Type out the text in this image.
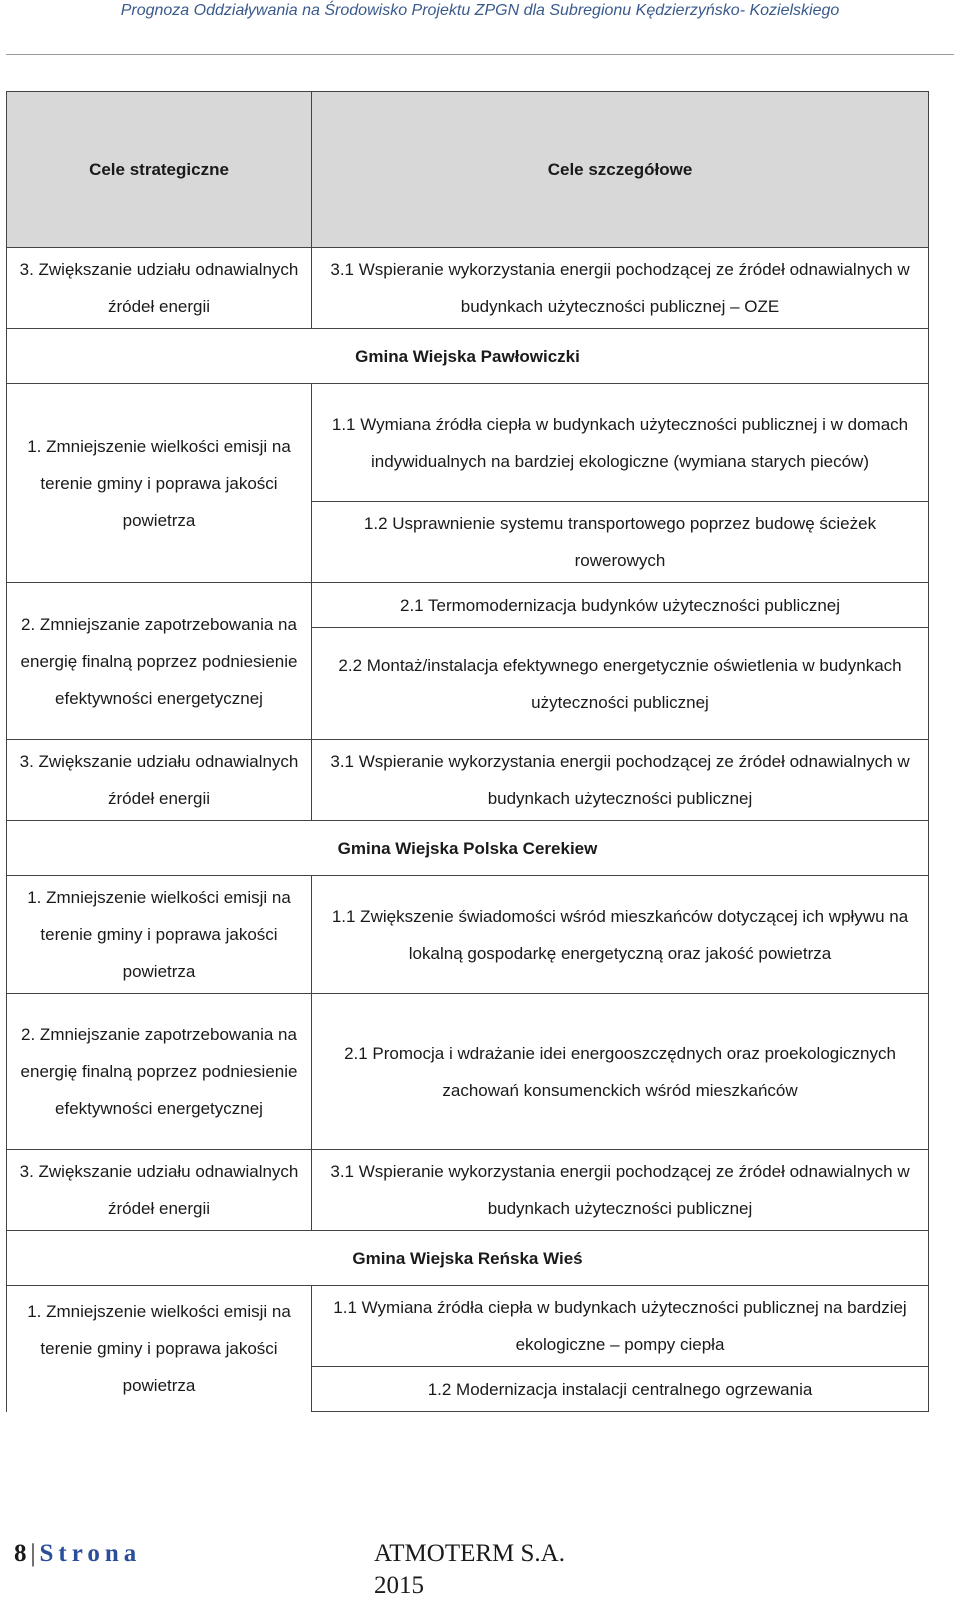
Prognoza Oddziaływania na Środowisko Projektu ZPGN dla Subregionu Kędzierzyńsko- Kozielskiego
Cele strategiczne	Cele szczegółowe
3. Zwiększanie udziału odnawialnych źródeł energii	3.1 Wspieranie wykorzystania energii pochodzącej ze źródeł odnawialnych w budynkach użyteczności publicznej – OZE
Gmina Wiejska Pawłowiczki	
1. Zmniejszenie wielkości emisji na terenie gminy i poprawa jakości powietrza	1.1 Wymiana źródła ciepła w budynkach użyteczności publicznej i w domach indywidualnych na bardziej ekologiczne (wymiana starych pieców)
	1.2 Usprawnienie systemu transportowego poprzez budowę ścieżek rowerowych
2. Zmniejszanie zapotrzebowania na energię finalną poprzez podniesienie efektywności energetycznej	2.1 Termomodernizacja budynków użyteczności publicznej
	2.2 Montaż/instalacja efektywnego energetycznie oświetlenia w budynkach użyteczności publicznej
3. Zwiększanie udziału odnawialnych źródeł energii	3.1 Wspieranie wykorzystania energii pochodzącej ze źródeł odnawialnych w budynkach użyteczności publicznej
Gmina Wiejska Polska Cerekiew	
1. Zmniejszenie wielkości emisji na terenie gminy i poprawa jakości powietrza	1.1 Zwiększenie świadomości wśród mieszkańców dotyczącej ich wpływu na lokalną gospodarkę energetyczną oraz jakość powietrza
2. Zmniejszanie zapotrzebowania na energię finalną poprzez podniesienie efektywności energetycznej	2.1 Promocja i wdrażanie idei energooszczędnych oraz proekologicznych zachowań konsumenckich wśród mieszkańców
3. Zwiększanie udziału odnawialnych źródeł energii	3.1 Wspieranie wykorzystania energii pochodzącej ze źródeł odnawialnych w budynkach użyteczności publicznej
Gmina Wiejska Reńska Wieś	
1. Zmniejszenie wielkości emisji na terenie gminy i poprawa jakości powietrza	1.1 Wymiana źródła ciepła w budynkach użyteczności publicznej na bardziej ekologiczne – pompy ciepła
	1.2 Modernizacja instalacji centralnego ogrzewania
8 | Strona	ATMOTERM S.A. 2015
